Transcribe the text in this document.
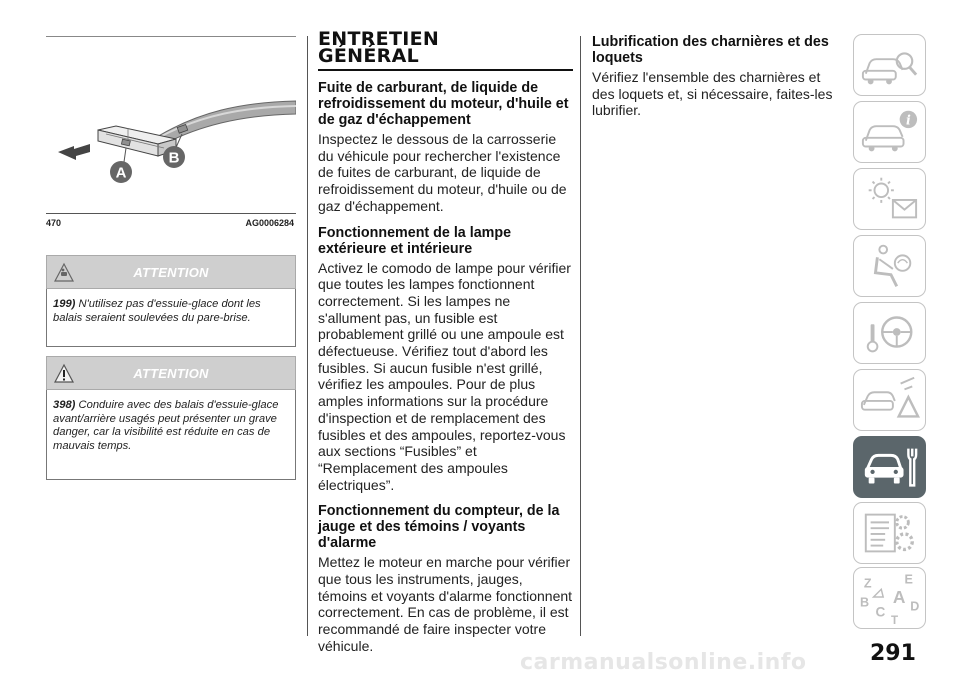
A
B
470	AG0006284
ATTENTION
199) N'utilisez pas d'essuie-glace dont les balais seraient soulevées du pare-brise.
ATTENTION
398) Conduire avec des balais d'essuie-glace avant/arrière usagés peut présenter un grave danger, car la visibilité est réduite en cas de mauvais temps.
ENTRETIEN
GÉNÉRAL
Fuite de carburant, de liquide de refroidissement du moteur, d'huile et de gaz d'échappement
Inspectez le dessous de la carrosserie du véhicule pour rechercher l'existence de fuites de carburant, de liquide de refroidissement du moteur, d'huile ou de gaz d'échappement.
Fonctionnement de la lampe extérieure et intérieure
Activez le comodo de lampe pour vérifier que toutes les lampes fonctionnent correctement. Si les lampes ne s'allument pas, un fusible est probablement grillé ou une ampoule est défectueuse. Vérifiez tout d'abord les fusibles. Si aucun fusible n'est grillé, vérifiez les ampoules. Pour de plus amples informations sur la procédure d'inspection et de remplacement des fusibles et des ampoules, reportez-vous aux sections “Fusibles” et “Remplacement des ampoules électriques”.
Fonctionnement du compteur, de la jauge et des témoins / voyants d'alarme
Mettez le moteur en marche pour vérifier que tous les instruments, jauges, témoins et voyants d'alarme fonctionnent correctement. En cas de problème, il est recommandé de faire inspecter votre véhicule.
Lubrification des charnières et des loquets
Vérifiez l'ensemble des charnières et des loquets et, si nécessaire, faites-les lubrifier.
i
Z	E
A
B
C D
T
carmanualsonline.info	291
